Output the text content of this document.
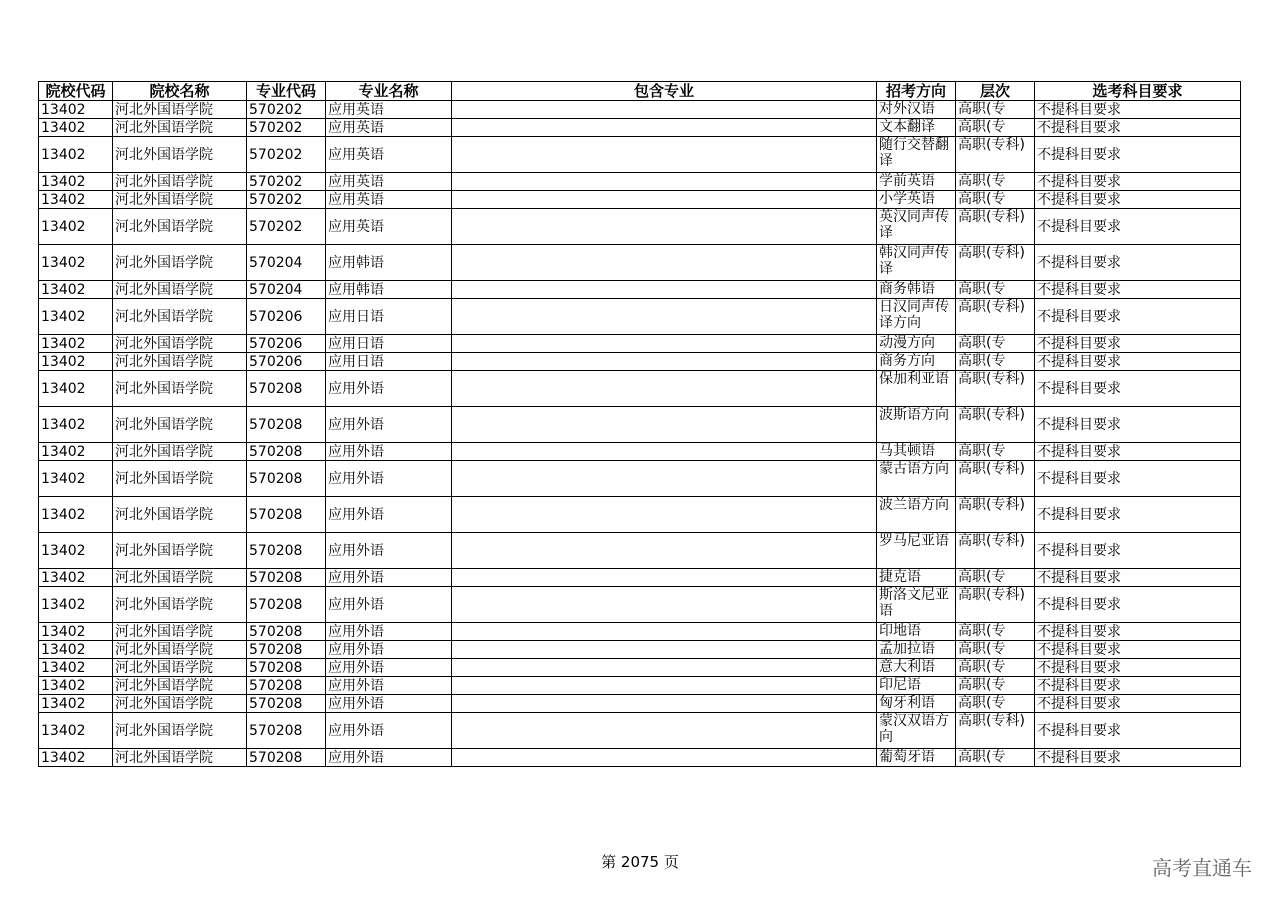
院校代码	院校名称	专业代码	专业名称	包含专业	招考方向	层次	选考科目要求
13402	河北外国语学院	570202	应用英语		对外汉语	高职(专	不提科目要求
13402	河北外国语学院	570202	应用英语		文本翻译	高职(专	不提科目要求
13402	河北外国语学院	570202	应用英语		随行交替翻译	高职(专科)	不提科目要求
13402	河北外国语学院	570202	应用英语		学前英语	高职(专	不提科目要求
13402	河北外国语学院	570202	应用英语		小学英语	高职(专	不提科目要求
13402	河北外国语学院	570202	应用英语		英汉同声传译	高职(专科)	不提科目要求
13402	河北外国语学院	570204	应用韩语		韩汉同声传译	高职(专科)	不提科目要求
13402	河北外国语学院	570204	应用韩语		商务韩语	高职(专	不提科目要求
13402	河北外国语学院	570206	应用日语		日汉同声传译方向	高职(专科)	不提科目要求
13402	河北外国语学院	570206	应用日语		动漫方向	高职(专	不提科目要求
13402	河北外国语学院	570206	应用日语		商务方向	高职(专	不提科目要求
13402	河北外国语学院	570208	应用外语		保加利亚语	高职(专科)	不提科目要求
13402	河北外国语学院	570208	应用外语		波斯语方向	高职(专科)	不提科目要求
13402	河北外国语学院	570208	应用外语		马其顿语	高职(专	不提科目要求
13402	河北外国语学院	570208	应用外语		蒙古语方向	高职(专科)	不提科目要求
13402	河北外国语学院	570208	应用外语		波兰语方向	高职(专科)	不提科目要求
13402	河北外国语学院	570208	应用外语		罗马尼亚语	高职(专科)	不提科目要求
13402	河北外国语学院	570208	应用外语		捷克语	高职(专	不提科目要求
13402	河北外国语学院	570208	应用外语		斯洛文尼亚语	高职(专科)	不提科目要求
13402	河北外国语学院	570208	应用外语		印地语	高职(专	不提科目要求
13402	河北外国语学院	570208	应用外语		孟加拉语	高职(专	不提科目要求
13402	河北外国语学院	570208	应用外语		意大利语	高职(专	不提科目要求
13402	河北外国语学院	570208	应用外语		印尼语	高职(专	不提科目要求
13402	河北外国语学院	570208	应用外语		匈牙利语	高职(专	不提科目要求
13402	河北外国语学院	570208	应用外语		蒙汉双语方向	高职(专科)	不提科目要求
13402	河北外国语学院	570208	应用外语		葡萄牙语	高职(专	不提科目要求
第 2075 页	高考直通车
